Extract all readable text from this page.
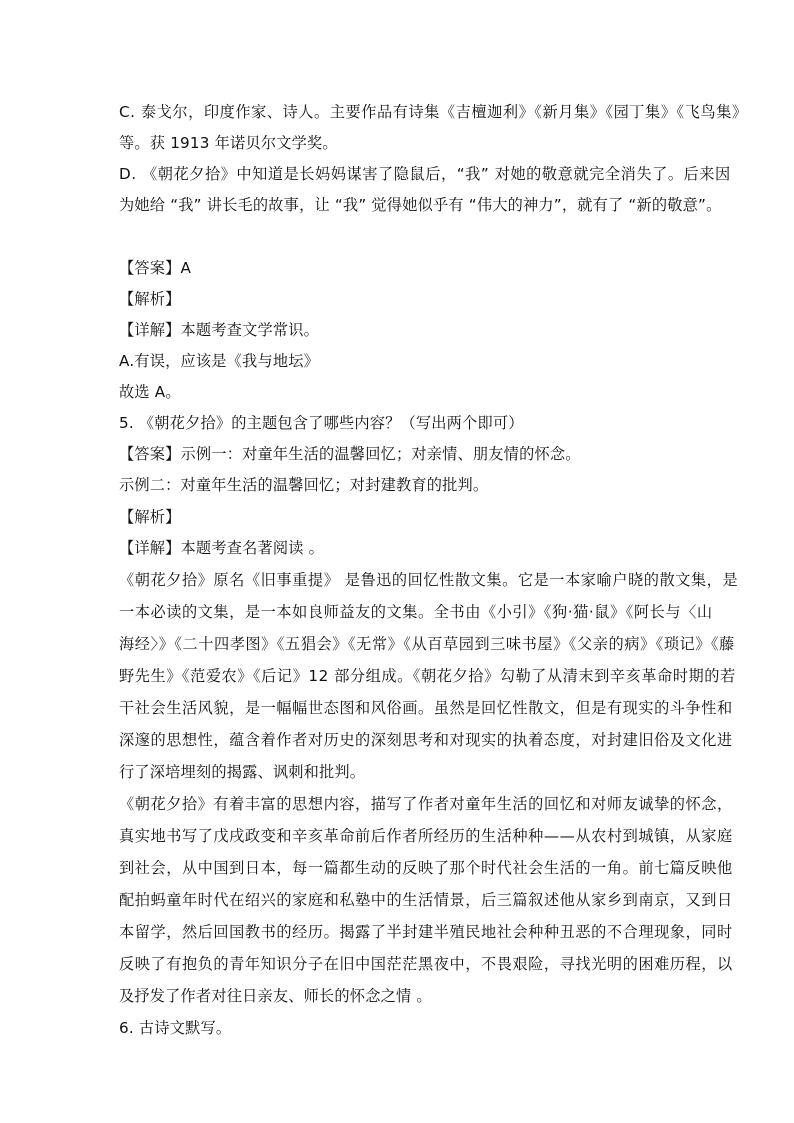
C. 泰戈尔，印度作家、诗人。主要作品有诗集《吉檀迦利》《新月集》《园丁集》《飞鸟集》
等。获 1913 年诺贝尔文学奖。
D. 《朝花夕拾》中知道是长妈妈谋害了隐鼠后，“我” 对她的敬意就完全消失了。后来因
为她给 “我” 讲长毛的故事，让 “我” 觉得她似乎有 “伟大的神力”，就有了 “新的敬意”。
【答案】A
【解析】
【详解】本题考查文学常识。
A.有误，应该是《我与地坛》
故选 A。
5. 《朝花夕拾》的主题包含了哪些内容？（写出两个即可）
【答案】示例一：对童年生活的温馨回忆；对亲情、朋友情的怀念。
示例二：对童年生活的温馨回忆；对封建教育的批判。
【解析】
【详解】本题考查名著阅读 。
《朝花夕拾》原名《旧事重提》 是鲁迅的回忆性散文集。它是一本家喻户晓的散文集，是
一本必读的文集，是一本如良师益友的文集。全书由《小引》《狗·猫·鼠》《阿长与〈山
海经〉》《二十四孝图》《五猖会》《无常》《从百草园到三味书屋》《父亲的病》《琐记》《藤
野先生》《范爱农》《后记》12 部分组成。《朝花夕拾》勾勒了从清末到辛亥革命时期的若
干社会生活风貌，是一幅幅世态图和风俗画。虽然是回忆性散文，但是有现实的斗争性和
深邃的思想性，蕴含着作者对历史的深刻思考和对现实的执着态度，对封建旧俗及文化进
行了深培埋刻的揭露、讽刺和批判。
《朝花夕拾》有着丰富的思想内容，描写了作者对童年生活的回忆和对师友诚挚的怀念，
真实地书写了戊戌政变和辛亥革命前后作者所经历的生活种种——从农村到城镇，从家庭
到社会，从中国到日本，每一篇都生动的反映了那个时代社会生活的一角。前七篇反映他
配拍蚂童年时代在绍兴的家庭和私塾中的生活情景，后三篇叙述他从家乡到南京，又到日
本留学，然后回国教书的经历。揭露了半封建半殖民地社会种种丑恶的不合理现象，同时
反映了有抱负的青年知识分子在旧中国茫茫黑夜中，不畏艰险，寻找光明的困难历程，以
及抒发了作者对往日亲友、师长的怀念之情 。
6. 古诗文默写。
